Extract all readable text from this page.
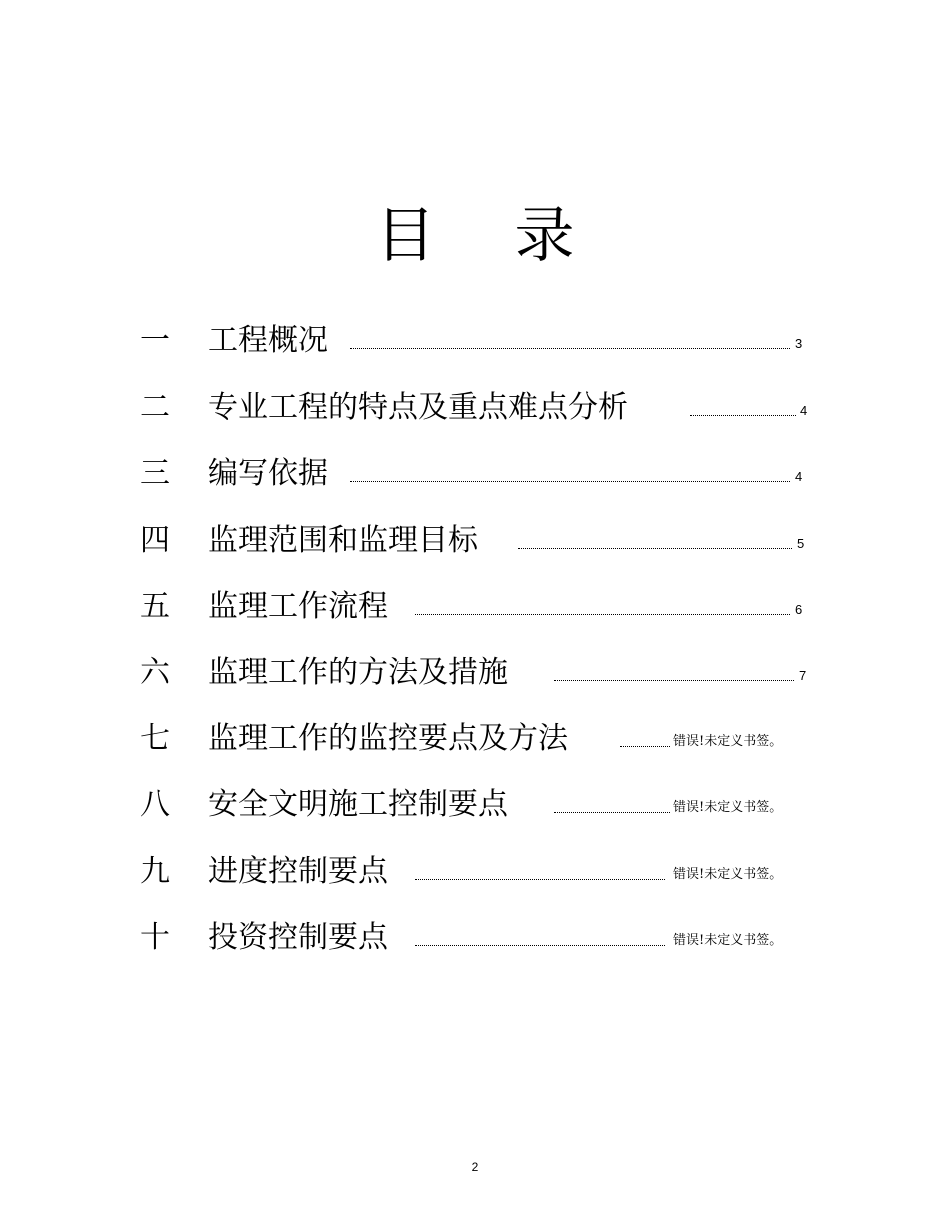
目 录
一 工程概况	3
二 专业工程的特点及重点难点分析	4
三 编写依据	4
四 监理范围和监理目标	5
五 监理工作流程	6
六 监理工作的方法及措施	7
七 监理工作的监控要点及方法	错误!未定义书签。
八 安全文明施工控制要点	错误!未定义书签。
九 进度控制要点	错误!未定义书签。
十 投资控制要点	错误!未定义书签。
2
